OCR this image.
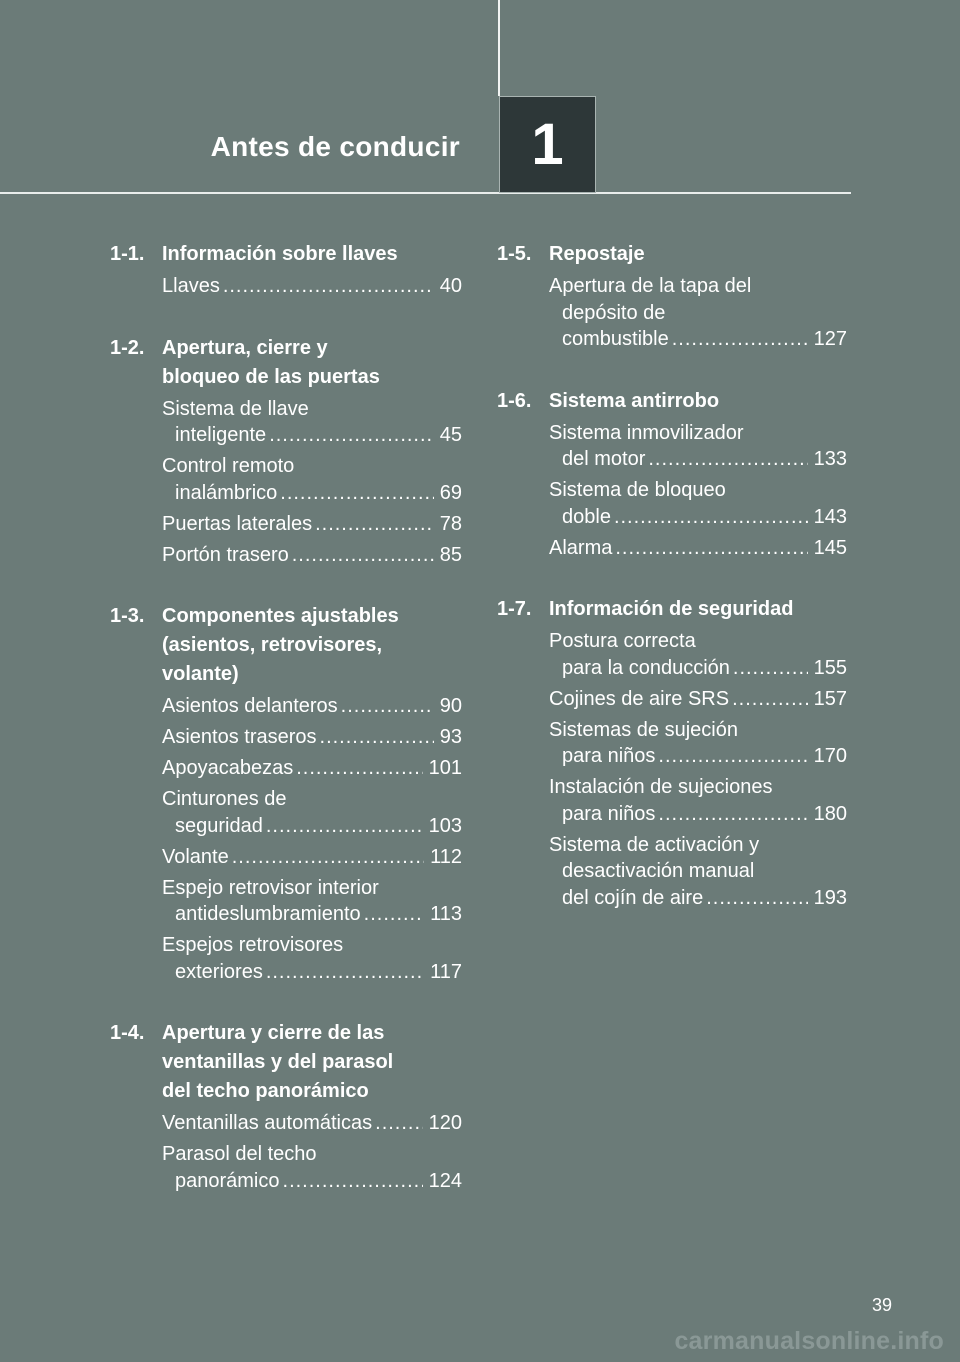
Antes de conducir 1
1-1. Información sobre llaves
Llaves .....	40
1-2. Apertura, cierre y
bloqueo de las puertas
Sistema de llave
inteligente .....	45
Control remoto
inalámbrico .....	69
Puertas laterales .....	78
Portón trasero .....	85
1-3. Componentes ajustables
(asientos, retrovisores,
volante)
Asientos delanteros .....	90
Asientos traseros .....	93
Apoyacabezas .....	101
Cinturones de
seguridad .....	103
Volante .....	112
Espejo retrovisor interior
antideslumbramiento .....	113
Espejos retrovisores
exteriores .....	117
1-4. Apertura y cierre de las
ventanillas y del parasol
del techo panorámico
Ventanillas automáticas .....	120
Parasol del techo
panorámico .....	124
1-5. Repostaje
Apertura de la tapa del
depósito de
combustible .....	127
1-6. Sistema antirrobo
Sistema inmovilizador
del motor .....	133
Sistema de bloqueo
doble .....	143
Alarma .....	145
1-7. Información de seguridad
Postura correcta
para la conducción .....	155
Cojines de aire SRS .....	157
Sistemas de sujeción
para niños .....	170
Instalación de sujeciones
para niños .....	180
Sistema de activación y
desactivación manual
del cojín de aire .....	193
39
carmanualsonline.info
